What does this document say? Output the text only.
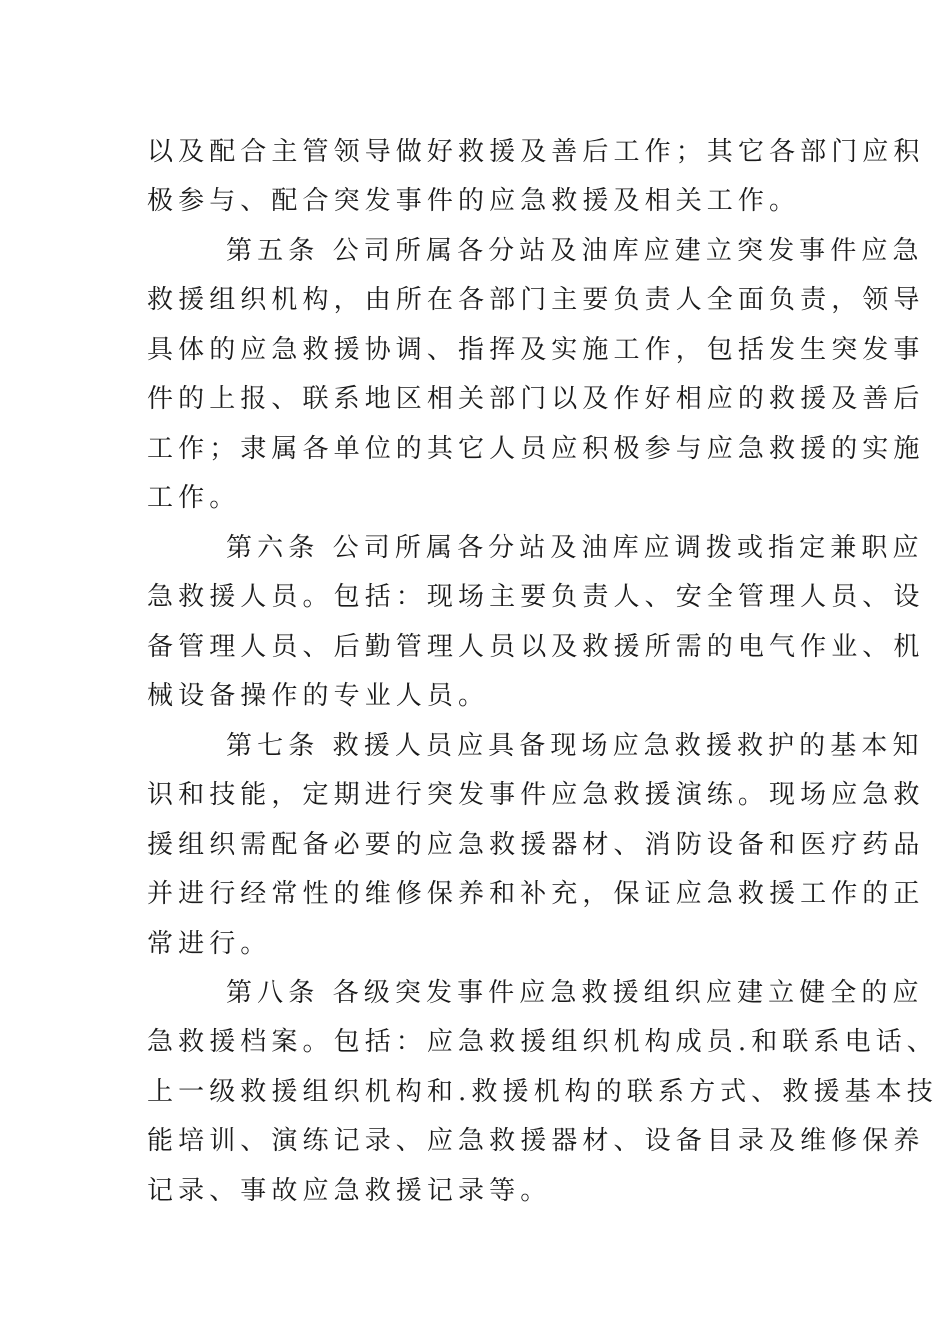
以及配合主管领导做好救援及善后工作；其它各部门应积
极参与、配合突发事件的应急救援及相关工作。
第五条 公司所属各分站及油库应建立突发事件应急
救援组织机构，由所在各部门主要负责人全面负责，领导
具体的应急救援协调、指挥及实施工作，包括发生突发事
件的上报、联系地区相关部门以及作好相应的救援及善后
工作；隶属各单位的其它人员应积极参与应急救援的实施
工作。
第六条 公司所属各分站及油库应调拨或指定兼职应
急救援人员。包括：现场主要负责人、安全管理人员、设
备管理人员、后勤管理人员以及救援所需的电气作业、机
械设备操作的专业人员。
第七条 救援人员应具备现场应急救援救护的基本知
识和技能，定期进行突发事件应急救援演练。现场应急救
援组织需配备必要的应急救援器材、消防设备和医疗药品
并进行经常性的维修保养和补充，保证应急救援工作的正
常进行。
第八条 各级突发事件应急救援组织应建立健全的应
急救援档案。包括：应急救援组织机构成员.和联系电话、
上一级救援组织机构和.救援机构的联系方式、救援基本技
能培训、演练记录、应急救援器材、设备目录及维修保养
记录、事故应急救援记录等。
